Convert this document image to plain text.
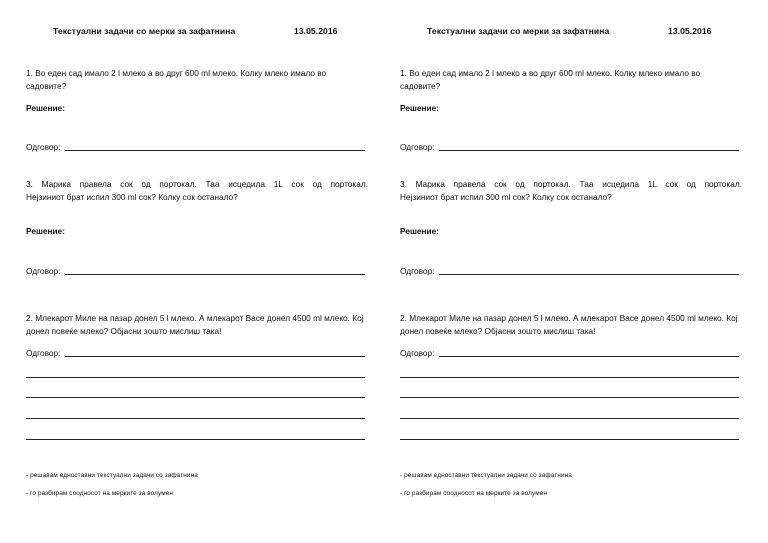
Текстуални задачи со мерки за зафатнина	13.05.2016
1. Во еден сад имало 2 l млеко а во друг 600 ml млеко. Колку млеко имало во садовите?
Решение:
Одговор:
3. Марика правела сок од портокал. Таа исцедила 1L сок од портокал.
Нејзиниот брат испил 300 ml сок? Колку сок останало?
Решение:
Одговор:
2. Млекарот Миле на пазар донел 5 l млеко. А млекарот Васе донел 4500 ml млеко. Кој донел повеќе млеко? Објасни зошто мислиш така!
Одговор:
- решавам едноставни текстуални задачи со зафатнина
- го разбирам соодносот на мерките за волумен
Текстуални задачи со мерки за зафатнина	13.05.2016
1. Во еден сад имало 2 l млеко а во друг 600 ml млеко. Колку млеко имало во садовите?
Решение:
Одговор:
3. Марика правела сок од портокал. Таа исцедила 1L сок од портокал.
Нејзиниот брат испил 300 ml сок? Колку сок останало?
Решение:
Одговор:
2. Млекарот Миле на пазар донел 5 l млеко. А млекарот Васе донел 4500 ml млеко. Кој донел повеќе млеко? Објасни зошто мислиш така!
Одговор:
- решавам едноставни текстуални задачи со зафатнина
- го разбирам соодносот на мерките за волумен
